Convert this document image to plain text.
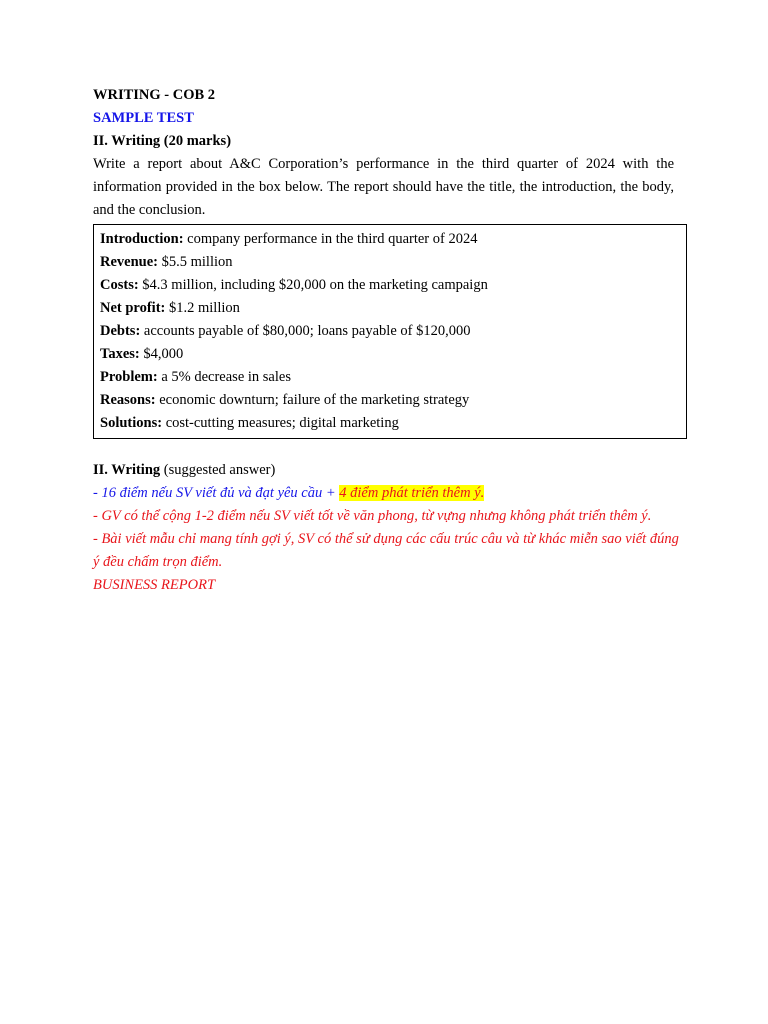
WRITING - COB 2
SAMPLE TEST
II. Writing (20 marks)

Write a report about A&C Corporation’s performance in the third quarter of 2024 with the information provided in the box below. The report should have the title, the introduction, the body, and the conclusion.

Introduction: company performance in the third quarter of 2024
Revenue: $5.5 million
Costs: $4.3 million, including $20,000 on the marketing campaign
Net profit: $1.2 million
Debts: accounts payable of $80,000; loans payable of $120,000
Taxes: $4,000
Problem: a 5% decrease in sales
Reasons: economic downturn; failure of the marketing strategy
Solutions: cost-cutting measures; digital marketing
II. Writing (suggested answer)
- 16 điểm nếu SV viết đủ và đạt yêu cầu + 4 điểm phát triển thêm ý.
- GV có thể cộng 1-2 điểm nếu SV viết tốt về văn phong, từ vựng nhưng không phát triển thêm ý.
- Bài viết mẫu chỉ mang tính gợi ý, SV có thể sử dụng các cấu trúc câu và từ khác miễn sao viết đúng
ý đều chấm trọn điểm.
BUSINESS REPORT
